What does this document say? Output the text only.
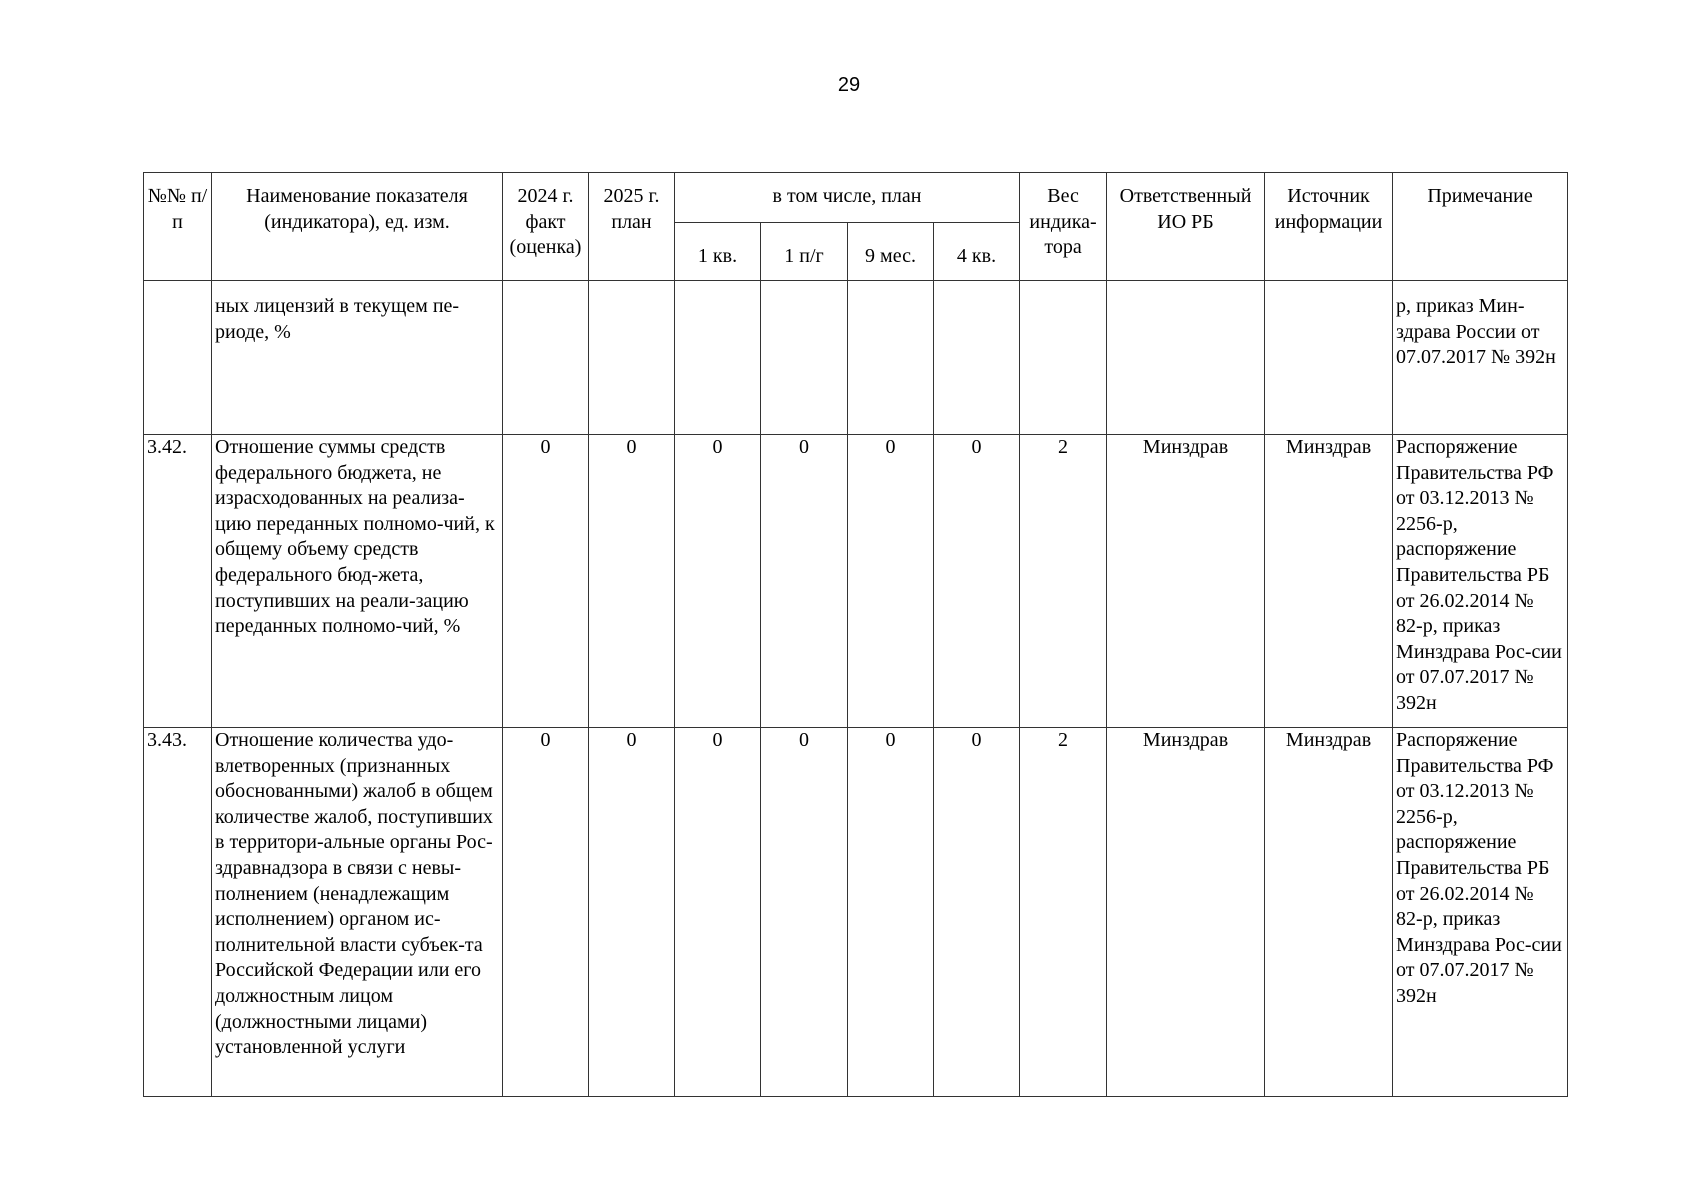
29
№№ п/п	Наименование показателя (индикатора), ед. изм.	2024 г. факт (оценка)	2025 г. план	в том числе, план				Вес индика-тора	Ответственный ИО РБ	Источник информации	Примечание
				1 кв.	1 п/г	9 мес.	4 кв.				
	ных лицензий в текущем пе-риоде, %										р, приказ Мин-здрава России от 07.07.2017 № 392н
3.42.	Отношение суммы средств федерального бюджета, не израсходованных на реализа-цию переданных полномо-чий, к общему объему средств федерального бюд-жета, поступивших на реали-зацию переданных полномо-чий, %	0	0	0	0	0	0	2	Минздрав	Минздрав	Распоряжение Правительства РФ от 03.12.2013 № 2256-р, распоряжение Правительства РБ от 26.02.2014 № 82-р, приказ Минздрава Рос-сии от 07.07.2017 № 392н
3.43.	Отношение количества удо-влетворенных (признанных обоснованными) жалоб в общем количестве жалоб, поступивших в территори-альные органы Рос-здравнадзора в связи с невы-полнением (ненадлежащим исполнением) органом ис-полнительной власти субъек-та Российской Федерации или его должностным лицом (должностными лицами) установленной услуги	0	0	0	0	0	0	2	Минздрав	Минздрав	Распоряжение Правительства РФ от 03.12.2013 № 2256-р, распоряжение Правительства РБ от 26.02.2014 № 82-р, приказ Минздрава Рос-сии от 07.07.2017 № 392н
